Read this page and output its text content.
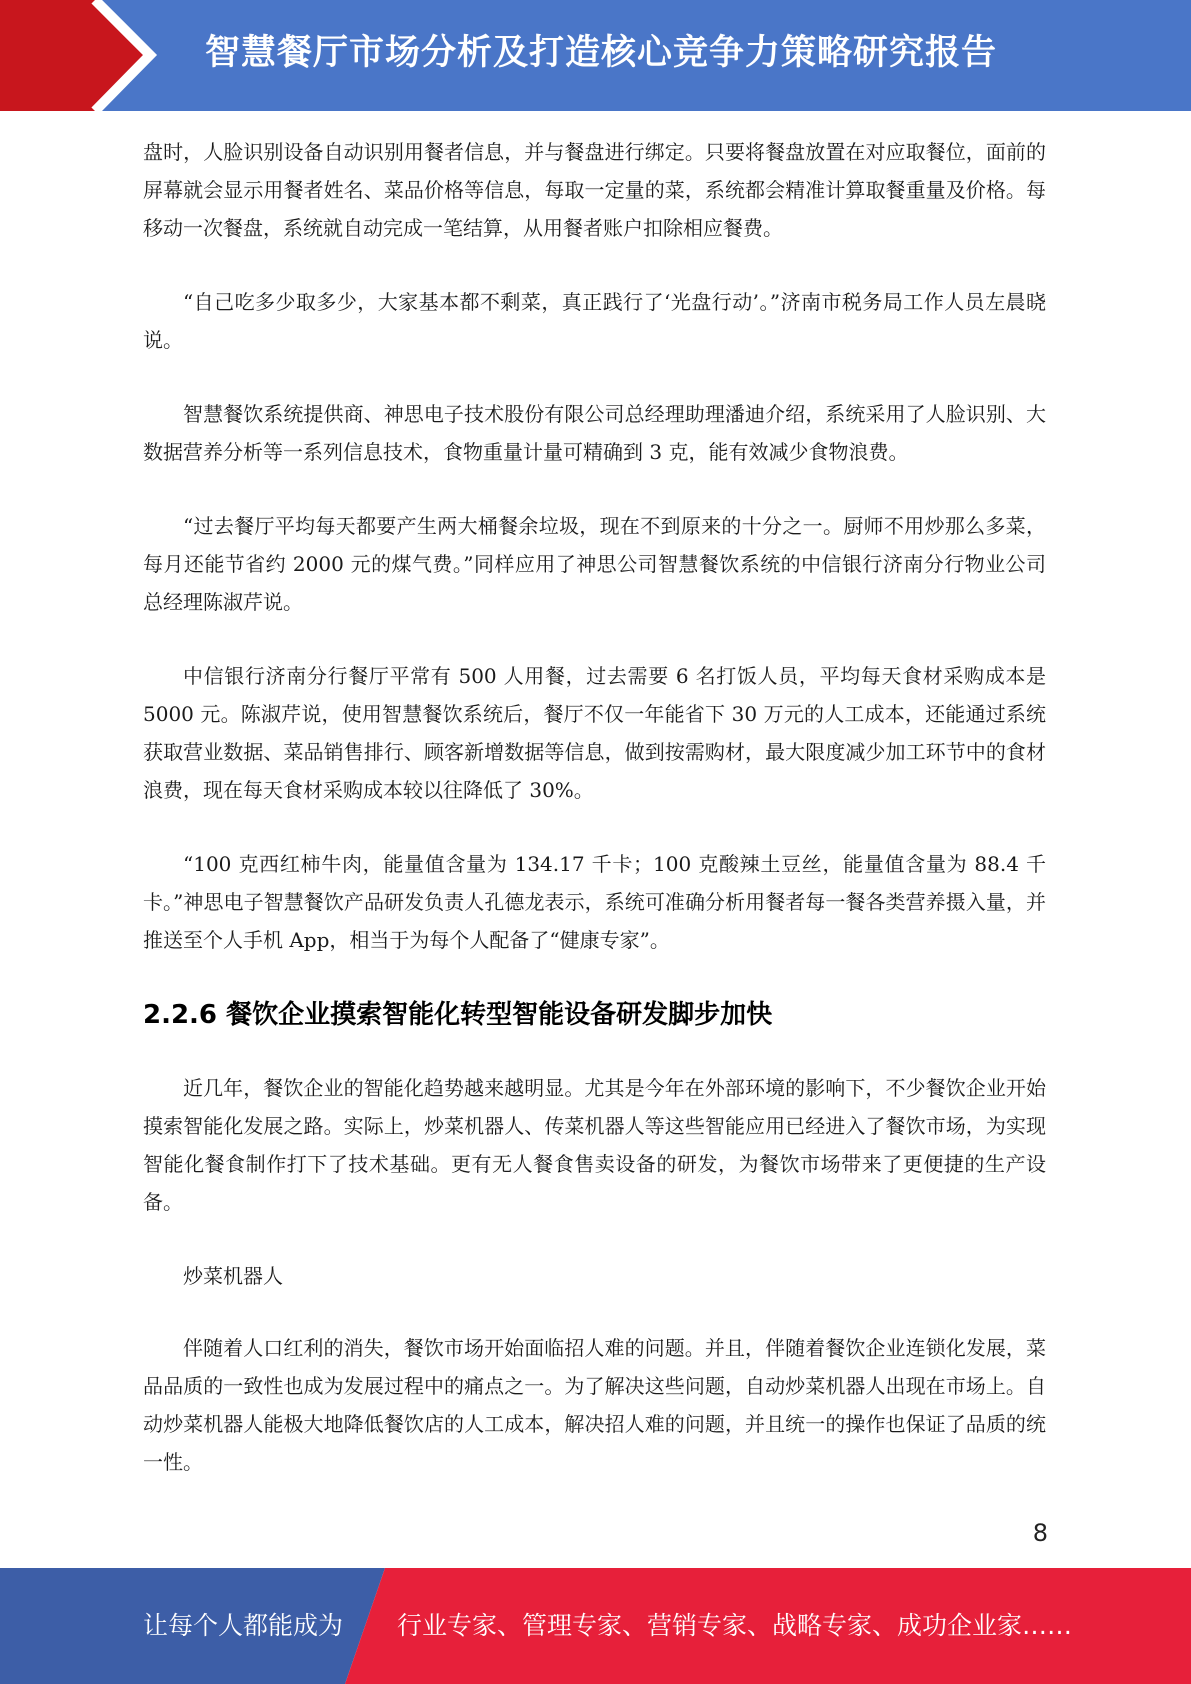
智慧餐厅市场分析及打造核心竞争力策略研究报告

盘时，人脸识别设备自动识别用餐者信息，并与餐盘进行绑定。只要将餐盘放置在对应取餐位，面前的屏幕就会显示用餐者姓名、菜品价格等信息，每取一定量的菜，系统都会精准计算取餐重量及价格。每移动一次餐盘，系统就自动完成一笔结算，从用餐者账户扣除相应餐费。

“自己吃多少取多少，大家基本都不剩菜，真正践行了‘光盘行动’。”济南市税务局工作人员左晨晓说。

智慧餐饮系统提供商、神思电子技术股份有限公司总经理助理潘迪介绍，系统采用了人脸识别、大数据营养分析等一系列信息技术，食物重量计量可精确到 3 克，能有效减少食物浪费。

“过去餐厅平均每天都要产生两大桶餐余垃圾，现在不到原来的十分之一。厨师不用炒那么多菜，每月还能节省约 2000 元的煤气费。”同样应用了神思公司智慧餐饮系统的中信银行济南分行物业公司总经理陈淑芹说。

中信银行济南分行餐厅平常有 500 人用餐，过去需要 6 名打饭人员，平均每天食材采购成本是 5000 元。陈淑芹说，使用智慧餐饮系统后，餐厅不仅一年能省下 30 万元的人工成本，还能通过系统获取营业数据、菜品销售排行、顾客新增数据等信息，做到按需购材，最大限度减少加工环节中的食材浪费，现在每天食材采购成本较以往降低了 30%。

“100 克西红柿牛肉，能量值含量为 134.17 千卡；100 克酸辣土豆丝，能量值含量为 88.4 千卡。”神思电子智慧餐饮产品研发负责人孔德龙表示，系统可准确分析用餐者每一餐各类营养摄入量，并推送至个人手机 App，相当于为每个人配备了“健康专家”。

2.2.6 餐饮企业摸索智能化转型智能设备研发脚步加快

近几年，餐饮企业的智能化趋势越来越明显。尤其是今年在外部环境的影响下，不少餐饮企业开始摸索智能化发展之路。实际上，炒菜机器人、传菜机器人等这些智能应用已经进入了餐饮市场，为实现智能化餐食制作打下了技术基础。更有无人餐食售卖设备的研发，为餐饮市场带来了更便捷的生产设备。

炒菜机器人

伴随着人口红利的消失，餐饮市场开始面临招人难的问题。并且，伴随着餐饮企业连锁化发展，菜品品质的一致性也成为发展过程中的痛点之一。为了解决这些问题，自动炒菜机器人出现在市场上。自动炒菜机器人能极大地降低餐饮店的人工成本，解决招人难的问题，并且统一的操作也保证了品质的统一性。

8
让每个人都能成为 行业专家、管理专家、营销专家、战略专家、成功企业家……
